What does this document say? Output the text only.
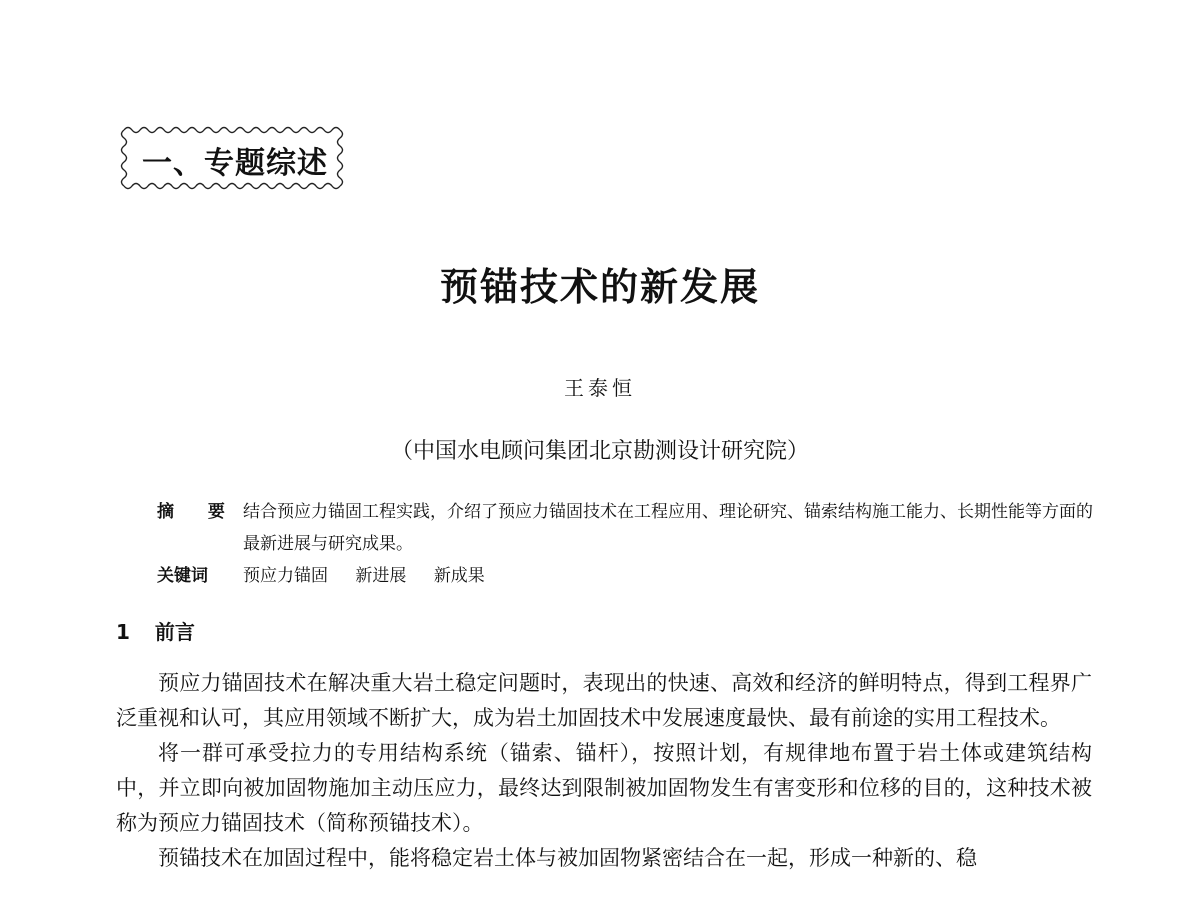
一、专题综述
预锚技术的新发展
王泰恒
（中国水电顾问集团北京勘测设计研究院）
摘 要 结合预应力锚固工程实践，介绍了预应力锚固技术在工程应用、理论研究、锚索结构施工能力、长期性能等方面的最新进展与研究成果。
关键词	预应力锚固 新进展 新成果
1 前言

预应力锚固技术在解决重大岩土稳定问题时，表现出的快速、高效和经济的鲜明特点，得到工程界广泛重视和认可，其应用领域不断扩大，成为岩土加固技术中发展速度最快、最有前途的实用工程技术。

将一群可承受拉力的专用结构系统（锚索、锚杆），按照计划，有规律地布置于岩土体或建筑结构中，并立即向被加固物施加主动压应力，最终达到限制被加固物发生有害变形和位移的目的，这种技术被称为预应力锚固技术（简称预锚技术）。

预锚技术在加固过程中，能将稳定岩土体与被加固物紧密结合在一起，形成一种新的、稳
